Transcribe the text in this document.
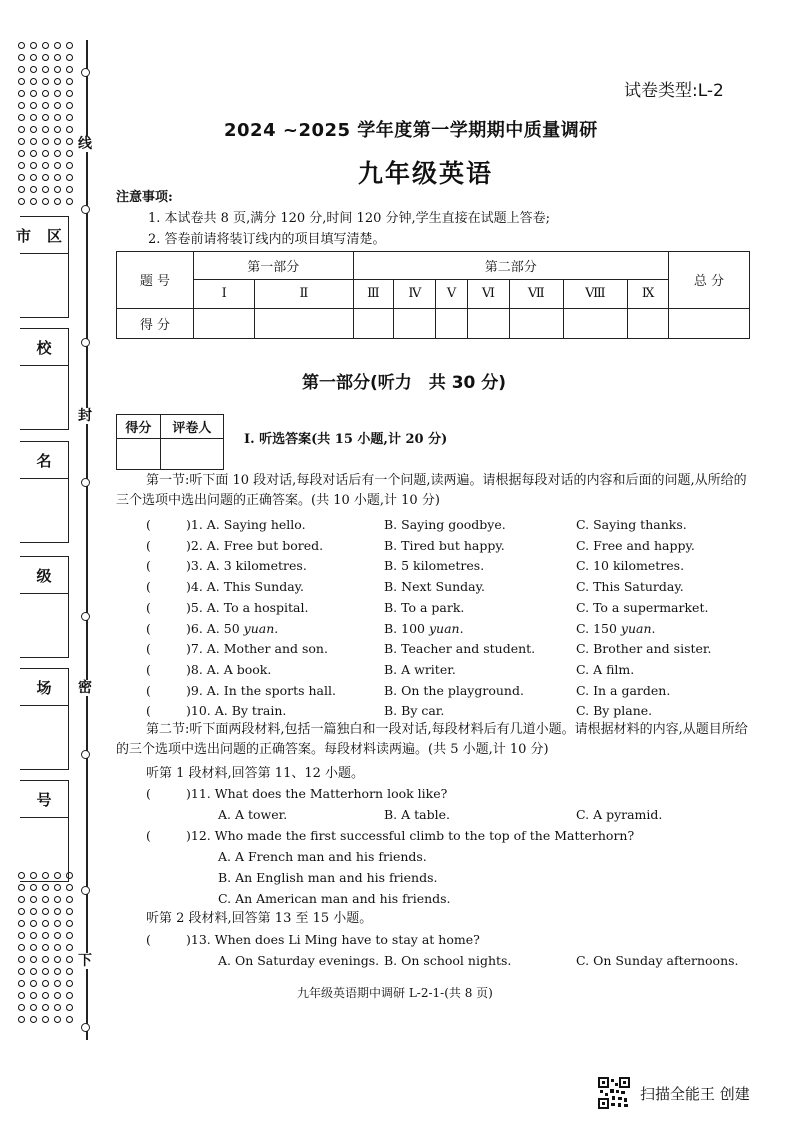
线
封
密
下
市 区
校
名
级
场
号
试卷类型:L-2
2024 ~2025 学年度第一学期期中质量调研
九年级英语
注意事项:
1. 本试卷共 8 页,满分 120 分,时间 120 分钟,学生直接在试题上答卷;
2. 答卷前请将装订线内的项目填写清楚。
题 号	第一部分		第二部分							总 分
	Ⅰ	Ⅱ	Ⅲ	Ⅳ	Ⅴ	Ⅵ	Ⅶ	Ⅷ	Ⅸ	
得 分										
第一部分(听力　共 30 分)
得分	评卷人

Ⅰ. 听选答案(共 15 小题,计 20 分)
第一节:听下面 10 段对话,每段对话后有一个问题,读两遍。请根据每段对话的内容和后面的问题,从所给的三个选项中选出问题的正确答案。(共 10 小题,计 10 分)
(	)1. A. Saying hello.	B. Saying goodbye.	C. Saying thanks.
(	)2. A. Free but bored.	B. Tired but happy.	C. Free and happy.
(	)3. A. 3 kilometres.	B. 5 kilometres.	C. 10 kilometres.
(	)4. A. This Sunday.	B. Next Sunday.	C. This Saturday.
(	)5. A. To a hospital.	B. To a park.	C. To a supermarket.
(	)6. A. 50 yuan.	B. 100 yuan.	C. 150 yuan.
(	)7. A. Mother and son.	B. Teacher and student.	C. Brother and sister.
(	)8. A. A book.	B. A writer.	C. A film.
(	)9. A. In the sports hall.	B. On the playground.	C. In a garden.
(	)10. A. By train.	B. By car.	C. By plane.
第二节:听下面两段材料,包括一篇独白和一段对话,每段材料后有几道小题。请根据材料的内容,从题目所给的三个选项中选出问题的正确答案。每段材料读两遍。(共 5 小题,计 10 分)
听第 1 段材料,回答第 11、12 小题。
(	)11. What does the Matterhorn look like?
A. A tower.	B. A table.	C. A pyramid.
(	)12. Who made the first successful climb to the top of the Matterhorn?
A. A French man and his friends.
B. An English man and his friends.
C. An American man and his friends.
听第 2 段材料,回答第 13 至 15 小题。
(	)13. When does Li Ming have to stay at home?
A. On Saturday evenings. B. On school nights.	C. On Sunday afternoons.
九年级英语期中调研 L-2-1-(共 8 页)
扫描全能王 创建
